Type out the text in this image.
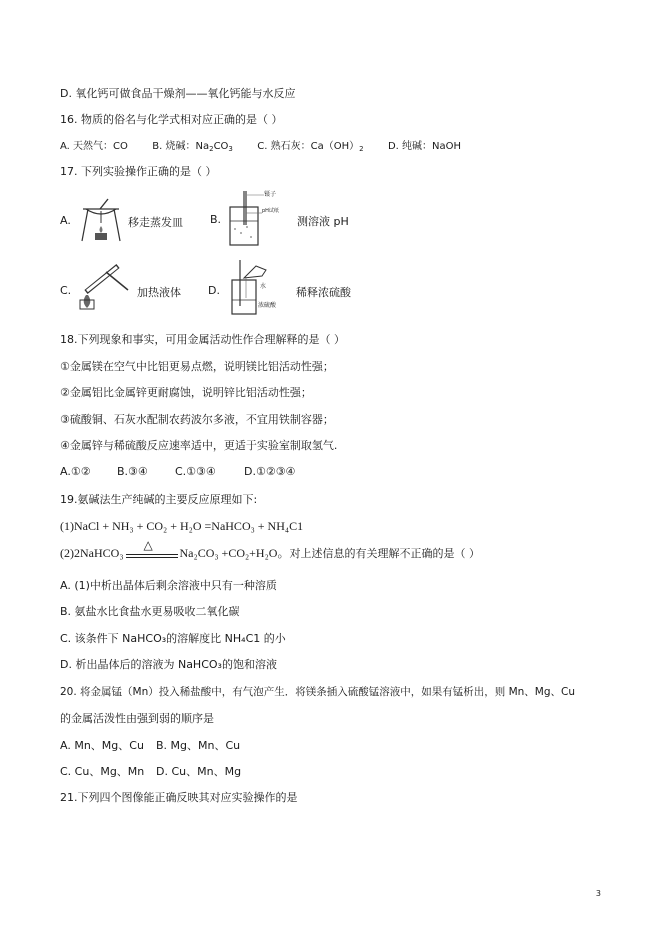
D. 氧化钙可做食品干燥剂——氧化钙能与水反应
16. 物质的俗名与化学式相对应正确的是（ ）
A. 天然气：CO B. 烧碱：$Na_2CO_3$ C. 熟石灰：$Ca(OH)_2$ D. 纯碱：NaOH
17. 下列实验操作正确的是（ ）
A.	移走蒸发皿 B.
镊子
pH试纸
测溶液 pH
C.	加热液体 D.	水
浓硫酸
稀释浓硫酸
18.下列现象和事实，可用金属活动性作合理解释的是（ ）
①金属镁在空气中比铝更易点燃，说明镁比铝活动性强；
②金属铝比金属锌更耐腐蚀，说明锌比铝活动性强；
③硫酸铜、石灰水配制农药波尔多液，不宜用铁制容器；
④金属锌与稀硫酸反应速率适中，更适于实验室制取氢气.
A.①② B.③④ C.①③④	D.①②③④
19.氨碱法生产纯碱的主要反应原理如下:
(1)NaCl + NH₃ + CO₂ + H₂O =NaHCO₃ + NH₄C1
(2)2NaHCO₃
△
Na₂CO₃ +CO₂+H₂O。对上述信息的有关理解不正确的是（ ）
A. (1)中析出晶体后剩余溶液中只有一种溶质
B. 氨盐水比食盐水更易吸收二氧化碳
C. 该条件下 NaHCO₃的溶解度比 NH₄C1 的小
D. 析出晶体后的溶液为 NaHCO₃的饱和溶液
20. 将金属锰（Mn）投入稀盐酸中，有气泡产生．将镁条插入硫酸锰溶液中，如果有锰析出，则 Mn、Mg、Cu
的金属活泼性由强到弱的顺序是
A. Mn、Mg、Cu B. Mg、Mn、Cu
C. Cu、Mg、Mn D. Cu、Mn、Mg
21.下列四个图像能正确反映其对应实验操作的是
3
